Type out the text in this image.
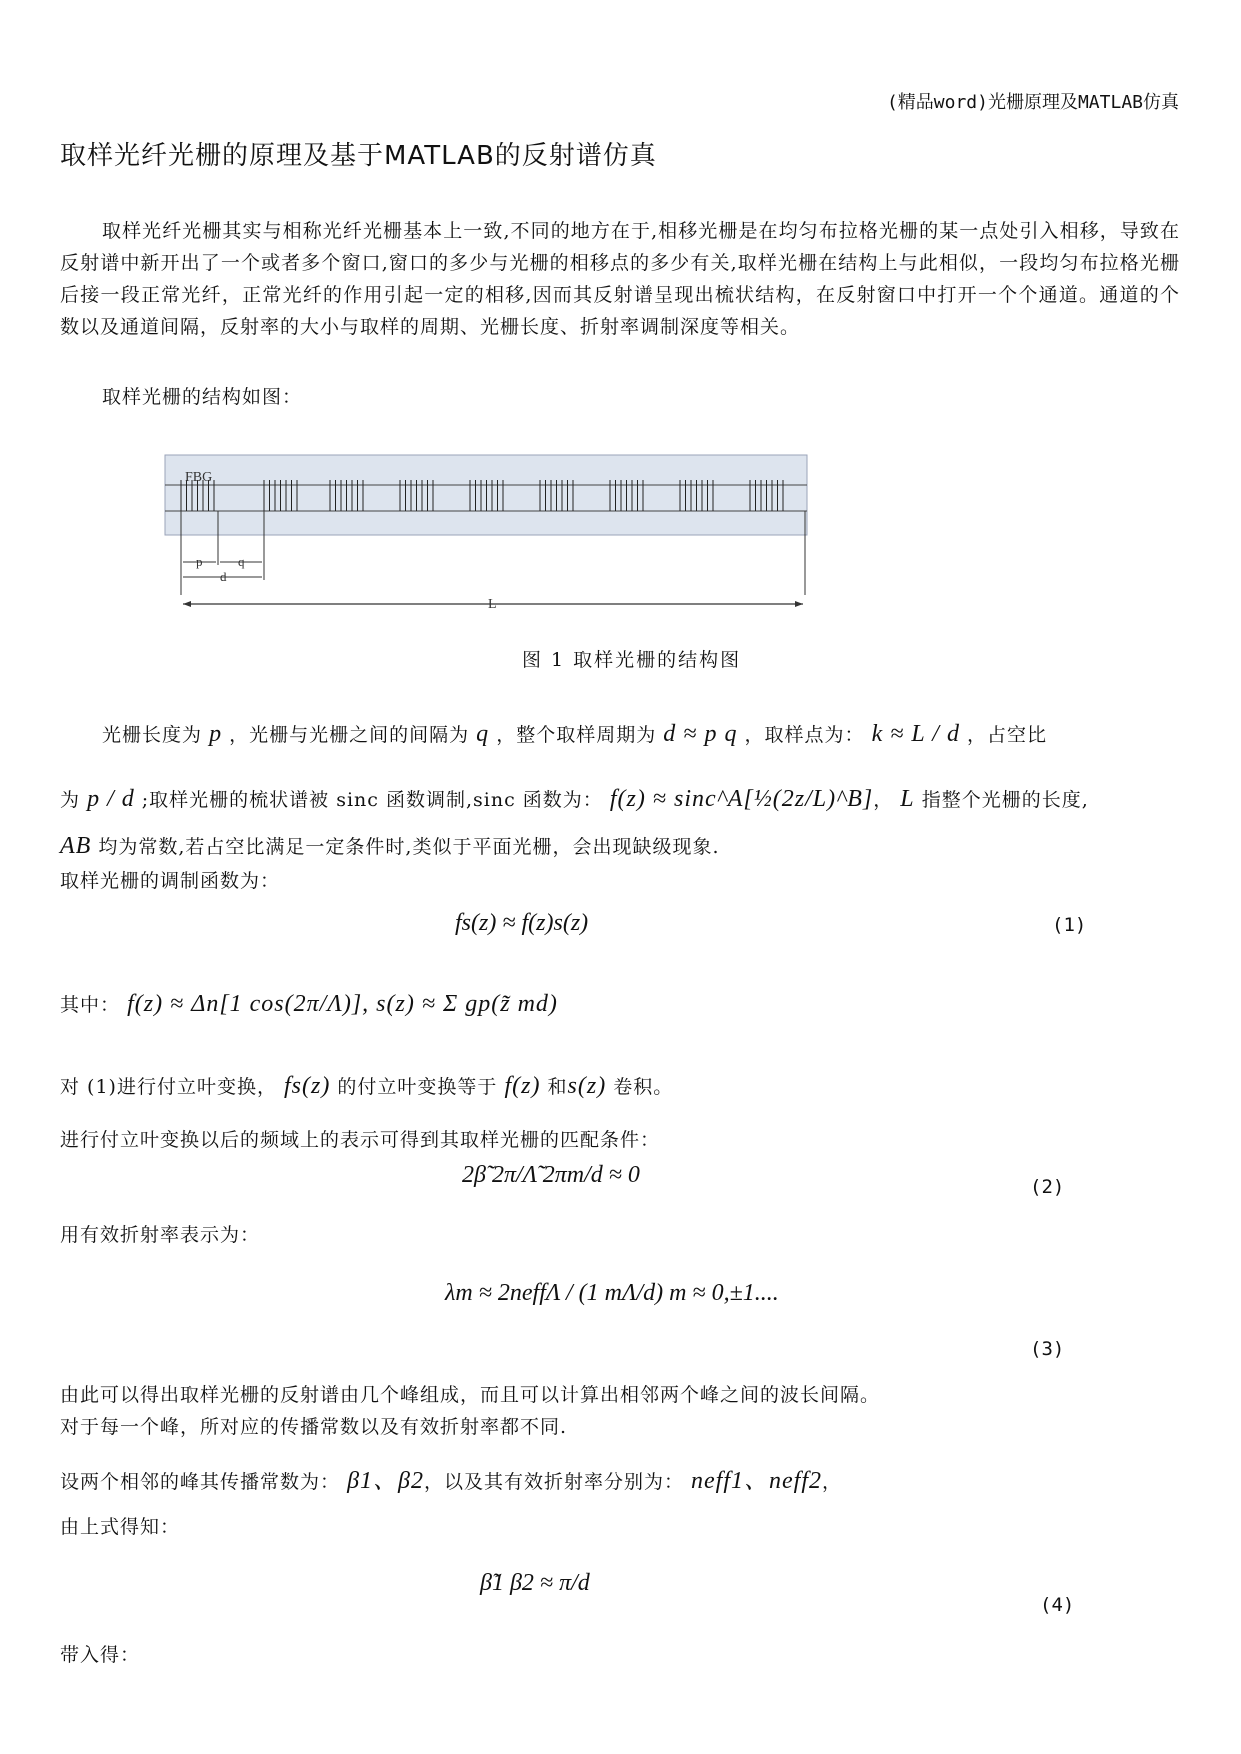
(精品word)光栅原理及MATLAB仿真
取样光纤光栅的原理及基于MATLAB的反射谱仿真
取样光纤光栅其实与相称光纤光栅基本上一致,不同的地方在于,相移光栅是在均匀布拉格光栅的某一点处引入相移，导致在反射谱中新开出了一个或者多个窗口,窗口的多少与光栅的相移点的多少有关,取样光栅在结构上与此相似，一段均匀布拉格光栅后接一段正常光纤，正常光纤的作用引起一定的相移,因而其反射谱呈现出梳状结构，在反射窗口中打开一个个通道。通道的个数以及通道间隔，反射率的大小与取样的周期、光栅长度、折射率调制深度等相关。
取样光栅的结构如图：
FBG
p	q
d
L
图 1 取样光栅的结构图
光栅长度为 p ，光栅与光栅之间的间隔为 q ，整个取样周期为 d ≈ p q ，取样点为： k ≈ L / d ，占空比
为 p / d ;取样光栅的梳状谱被 sinc 函数调制,sinc 函数为： f(z) ≈ sinc^A[½(2z/L)^B]， L 指整个光栅的长度,
AB 均为常数,若占空比满足一定条件时,类似于平面光栅，会出现缺级现象.
取样光栅的调制函数为：
fs(z) ≈ f(z)s(z)	(1)
其中： f(z) ≈ Δn[1 cos(2π/Λ)], s(z) ≈ Σ gp(z̃ md)
对 (1)进行付立叶变换， fs(z) 的付立叶变换等于 f(z) 和s(z) 卷积。
进行付立叶变换以后的频域上的表示可得到其取样光栅的匹配条件：
2β̃ 2π/Λ̃ 2πm/d ≈ 0	(2)
用有效折射率表示为：
λm ≈ 2neffΛ / (1 mΛ/d) m ≈ 0,±1....
(3)
由此可以得出取样光栅的反射谱由几个峰组成，而且可以计算出相邻两个峰之间的波长间隔。
对于每一个峰，所对应的传播常数以及有效折射率都不同.
设两个相邻的峰其传播常数为： β1、β2，以及其有效折射率分别为： neff1、neff2，
由上式得知：
β̃1 β2 ≈ π/d
(4)
带入得：
